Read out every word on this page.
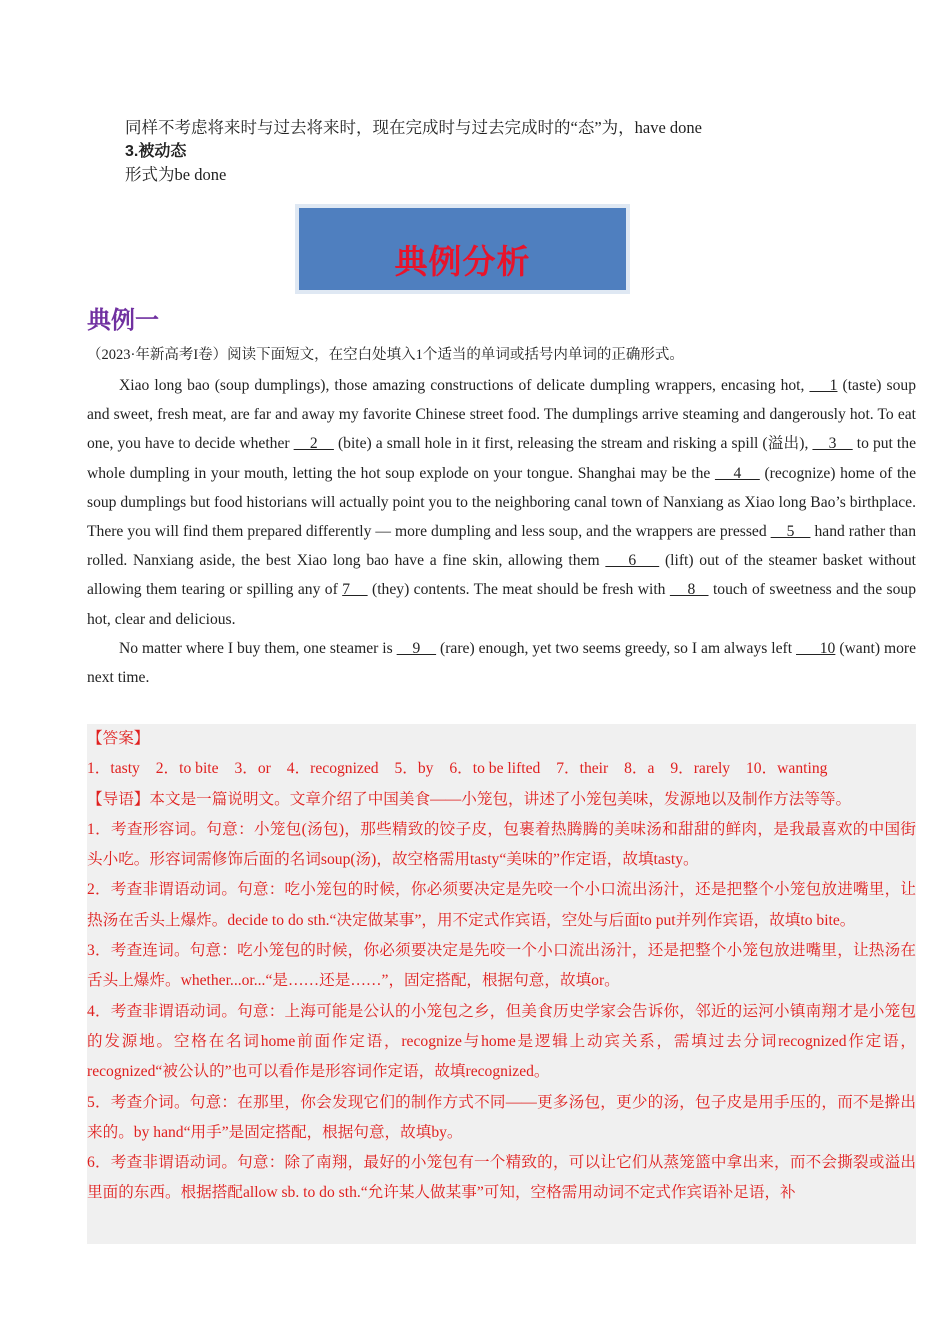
同样不考虑将来时与过去将来时，现在完成时与过去完成时的“态”为，have done
3.被动态
形式为be done
典例分析
典例一
（2023·年新高考I卷）阅读下面短文，在空白处填入1个适当的单词或括号内单词的正确形式。

Xiao long bao (soup dumplings), those amazing constructions of delicate dumpling wrappers, encasing hot,     1 (taste) soup and sweet, fresh meat, are far and away my favorite Chinese street food. The dumplings arrive steaming and dangerously hot. To eat one, you have to decide whether     2     (bite) a small hole in it first, releasing the stream and risking a spill (溢出),     3     to put the whole dumpling in your mouth, letting the hot soup explode on your tongue. Shanghai may be the     4     (recognize) home of the soup dumplings but food historians will actually point you to the neighboring canal town of Nanxiang as Xiao long Bao’s birthplace. There you will find them prepared differently — more dumpling and less soup, and the wrappers are pressed     5     hand rather than rolled. Nanxiang aside, the best Xiao long bao have a fine skin, allowing them     6     (lift) out of the steamer basket without allowing them tearing or spilling any of 7     (they) contents. The meat should be fresh with     8    touch of sweetness and the soup hot, clear and delicious.

No matter where I buy them, one steamer is     9     (rare) enough, yet two seems greedy, so I am always left       10 (want) more next time.

【答案】

1．tasty 2．to bite 3．or 4．recognized 5．by 6．to be lifted 7．their 8．a 9．rarely 10．wanting

【导语】本文是一篇说明文。文章介绍了中国美食——小笼包，讲述了小笼包美味，发源地以及制作方法等等。

1．考查形容词。句意：小笼包(汤包)，那些精致的饺子皮，包裹着热腾腾的美味汤和甜甜的鲜肉，是我最喜欢的中国街头小吃。形容词需修饰后面的名词soup(汤)，故空格需用tasty“美味的”作定语，故填tasty。

2．考查非谓语动词。句意：吃小笼包的时候，你必须要决定是先咬一个小口流出汤汁，还是把整个小笼包放进嘴里，让热汤在舌头上爆炸。decide to do sth.“决定做某事”，用不定式作宾语，空处与后面to put并列作宾语，故填to bite。

3．考查连词。句意：吃小笼包的时候，你必须要决定是先咬一个小口流出汤汁，还是把整个小笼包放进嘴里，让热汤在舌头上爆炸。whether...or...“是……还是……”，固定搭配，根据句意，故填or。

4．考查非谓语动词。句意：上海可能是公认的小笼包之乡，但美食历史学家会告诉你，邻近的运河小镇南翔才是小笼包的发源地。空格在名词home前面作定语，recognize与home是逻辑上动宾关系，需填过去分词recognized作定语，recognized“被公认的”也可以看作是形容词作定语，故填recognized。

5．考查介词。句意：在那里，你会发现它们的制作方式不同——更多汤包，更少的汤，包子皮是用手压的，而不是擀出来的。by hand“用手”是固定搭配，根据句意，故填by。

6．考查非谓语动词。句意：除了南翔，最好的小笼包有一个精致的，可以让它们从蒸笼篮中拿出来，而不会撕裂或溢出里面的东西。根据搭配allow sb. to do sth.“允许某人做某事”可知，空格需用动词不定式作宾语补足语，补
